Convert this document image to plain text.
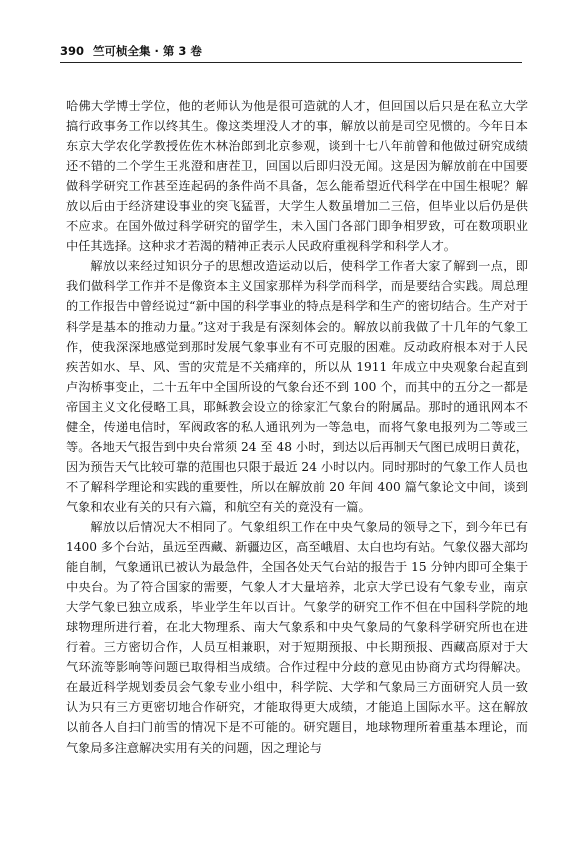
390 竺可桢全集 · 第 3 卷

哈佛大学博士学位，他的老师认为他是很可造就的人才，但回国以后只是在私立大学搞行政事务工作以终其生。像这类埋没人才的事，解放以前是司空见惯的。今年日本东京大学农化学教授佐佐木林治郎到北京参观，谈到十七八年前曾和他做过研究成绩还不错的二个学生王兆澄和唐茬卫，回国以后即归没无闻。这是因为解放前在中国要做科学研究工作甚至连起码的条件尚不具备，怎么能希望近代科学在中国生根呢？解放以后由于经济建设事业的突飞猛晋，大学生人数虽增加二三倍，但毕业以后仍是供不应求。在国外做过科学研究的留学生，未入国门各部门即争相罗致，可在数项职业中任其选择。这种求才若渴的精神正表示人民政府重视科学和科学人才。

解放以来经过知识分子的思想改造运动以后，使科学工作者大家了解到一点，即我们做科学工作并不是像资本主义国家那样为科学而科学，而是要结合实践。周总理的工作报告中曾经说过“新中国的科学事业的特点是科学和生产的密切结合。生产对于科学是基本的推动力量。”这对于我是有深刻体会的。解放以前我做了十几年的气象工作，使我深深地感觉到那时发展气象事业有不可克服的困难。反动政府根本对于人民疾苦如水、旱、风、雪的灾荒是不关痛痒的，所以从 1911 年成立中央观象台起直到卢沟桥事变止，二十五年中全国所设的气象台还不到 100 个，而其中的五分之一都是帝国主义文化侵略工具，耶稣教会设立的徐家汇气象台的附属品。那时的通讯网本不健全，传递电信时，军阀政客的私人通讯列为一等急电，而将气象电报列为二等或三等。各地天气报告到中央台常须 24 至 48 小时，到达以后再制天气图已成明日黄花，因为预告天气比较可靠的范围也只限于最近 24 小时以内。同时那时的气象工作人员也不了解科学理论和实践的重要性，所以在解放前 20 年间 400 篇气象论文中间，谈到气象和农业有关的只有六篇，和航空有关的竟没有一篇。

解放以后情况大不相同了。气象组织工作在中央气象局的领导之下，到今年已有 1400 多个台站，虽远至西藏、新疆边区，高至峨眉、太白也均有站。气象仪器大部均能自制，气象通讯已被认为最急件，全国各处天气台站的报告于 15 分钟内即可全集于中央台。为了符合国家的需要，气象人才大量培养，北京大学已设有气象专业，南京大学气象已独立成系，毕业学生年以百计。气象学的研究工作不但在中国科学院的地球物理所进行着，在北大物理系、南大气象系和中央气象局的气象科学研究所也在进行着。三方密切合作，人员互相兼职，对于短期预报、中长期预报、西藏高原对于大气环流等影响等问题已取得相当成绩。合作过程中分歧的意见由协商方式均得解决。在最近科学规划委员会气象专业小组中，科学院、大学和气象局三方面研究人员一致认为只有三方更密切地合作研究，才能取得更大成绩，才能追上国际水平。这在解放以前各人自扫门前雪的情况下是不可能的。研究题目，地球物理所着重基本理论，而气象局多注意解决实用有关的问题，因之理论与
